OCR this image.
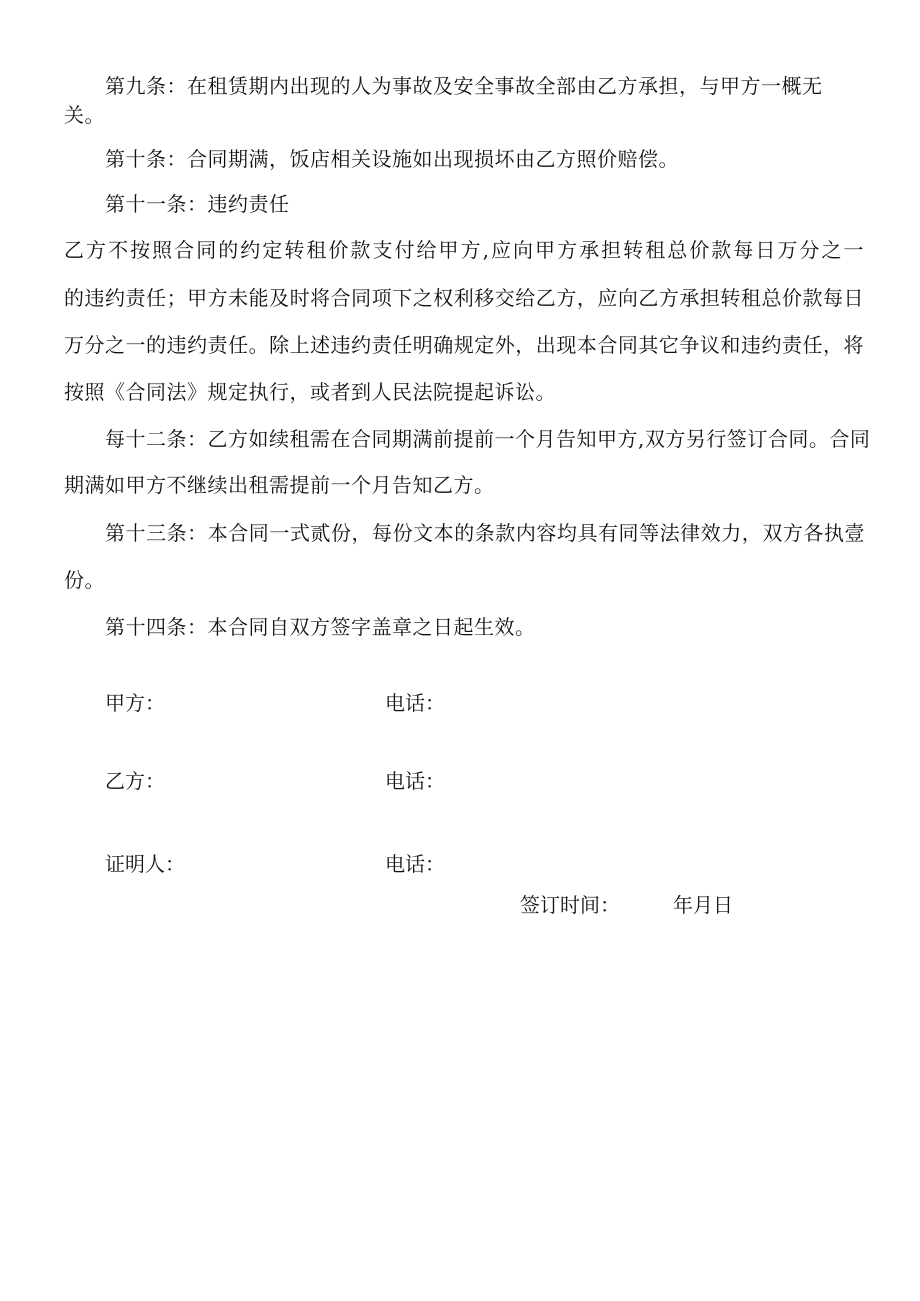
第九条：在租赁期内出现的人为事故及安全事故全部由乙方承担，与甲方一概无
关。
第十条：合同期满，饭店相关设施如出现损坏由乙方照价赔偿。
第十一条：违约责任
乙方不按照合同的约定转租价款支付给甲方,应向甲方承担转租总价款每日万分之一
的违约责任；甲方未能及时将合同项下之权利移交给乙方，应向乙方承担转租总价款每日
万分之一的违约责任。除上述违约责任明确规定外，出现本合同其它争议和违约责任，将
按照《合同法》规定执行，或者到人民法院提起诉讼。
每十二条：乙方如续租需在合同期满前提前一个月告知甲方,双方另行签订合同。合同
期满如甲方不继续出租需提前一个月告知乙方。
第十三条：本合同一式贰份，每份文本的条款内容均具有同等法律效力，双方各执壹
份。
第十四条：本合同自双方签字盖章之日起生效。
甲方：	电话：
乙方：	电话：
证明人：	电话：
签订时间：	年月日
